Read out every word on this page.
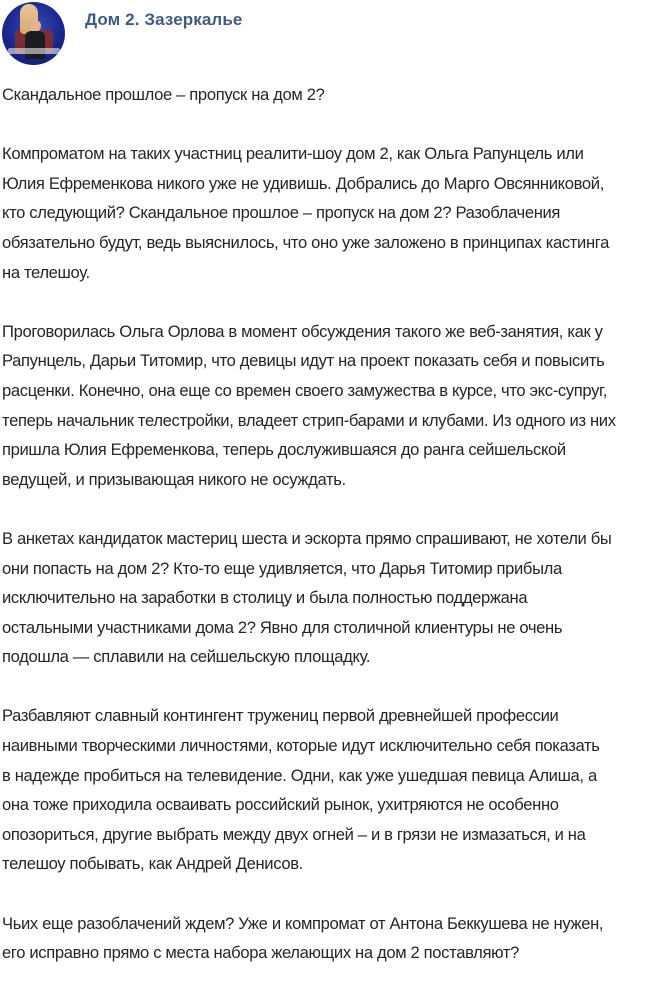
Дом 2. Зазеркалье

Скандальное прошлое – пропуск на дом 2?

Компроматом на таких участниц реалити-шоу дом 2, как Ольга Рапунцель или
Юлия Ефременкова никого уже не удивишь. Добрались до Марго Овсянниковой,
кто следующий? Скандальное прошлое – пропуск на дом 2? Разоблачения
обязательно будут, ведь выяснилось, что оно уже заложено в принципах кастинга
на телешоу.

Проговорилась Ольга Орлова в момент обсуждения такого же веб-занятия, как у
Рапунцель, Дарьи Титомир, что девицы идут на проект показать себя и повысить
расценки. Конечно, она еще со времен своего замужества в курсе, что экс-супруг,
теперь начальник телестройки, владеет стрип-барами и клубами. Из одного из них
пришла Юлия Ефременкова, теперь дослужившаяся до ранга сейшельской
ведущей, и призывающая никого не осуждать.

В анкетах кандидаток мастериц шеста и эскорта прямо спрашивают, не хотели бы
они попасть на дом 2? Кто-то еще удивляется, что Дарья Титомир прибыла
исключительно на заработки в столицу и была полностью поддержана
остальными участниками дома 2? Явно для столичной клиентуры не очень
подошла — сплавили на сейшельскую площадку.

Разбавляют славный контингент тружениц первой древнейшей профессии
наивными творческими личностями, которые идут исключительно себя показать
в надежде пробиться на телевидение. Одни, как уже ушедшая певица Алиша, а
она тоже приходила осваивать российский рынок, ухитряются не особенно
опозориться, другие выбрать между двух огней – и в грязи не измазаться, и на
телешоу побывать, как Андрей Денисов.

Чьих еще разоблачений ждем? Уже и компромат от Антона Беккушева не нужен,
его исправно прямо с места набора желающих на дом 2 поставляют?
